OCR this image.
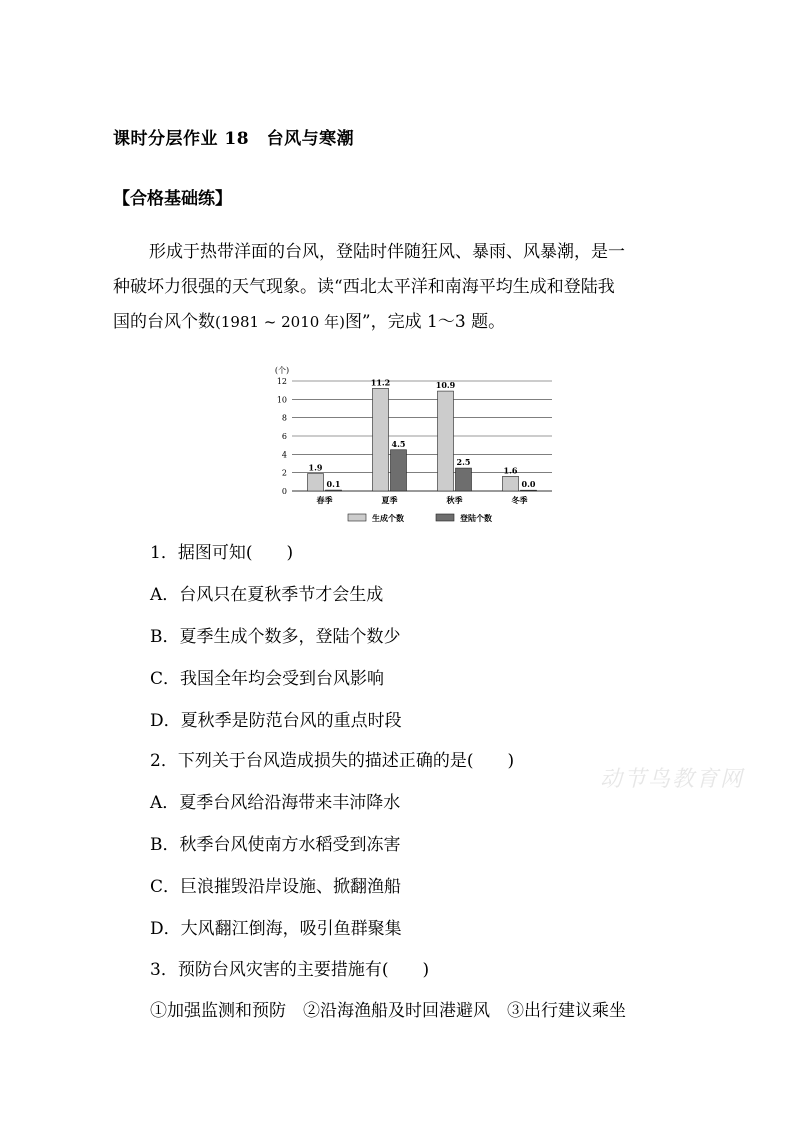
课时分层作业 18　台风与寒潮
【合格基础练】
形成于热带洋面的台风，登陆时伴随狂风、暴雨、风暴潮，是一
种破坏力很强的天气现象。读“西北太平洋和南海平均生成和登陆我
国的台风个数(1981 ~ 2010 年)图”，完成 1～3 题。
(个)
0
2
4
6
8
10
12
1.9
0.1
11.2
4.5
10.9
2.5
1.6
0.0
春季	夏季	秋季	冬季
生成个数	登陆个数
1．据图可知(　　)
A．台风只在夏秋季节才会生成
B．夏季生成个数多，登陆个数少
C．我国全年均会受到台风影响
D．夏秋季是防范台风的重点时段
2．下列关于台风造成损失的描述正确的是(　　)
A．夏季台风给沿海带来丰沛降水
B．秋季台风使南方水稻受到冻害
C．巨浪摧毁沿岸设施、掀翻渔船
D．大风翻江倒海，吸引鱼群聚集
3．预防台风灾害的主要措施有(　　)
①加强监测和预防　②沿海渔船及时回港避风　③出行建议乘坐
动节鸟教育网
